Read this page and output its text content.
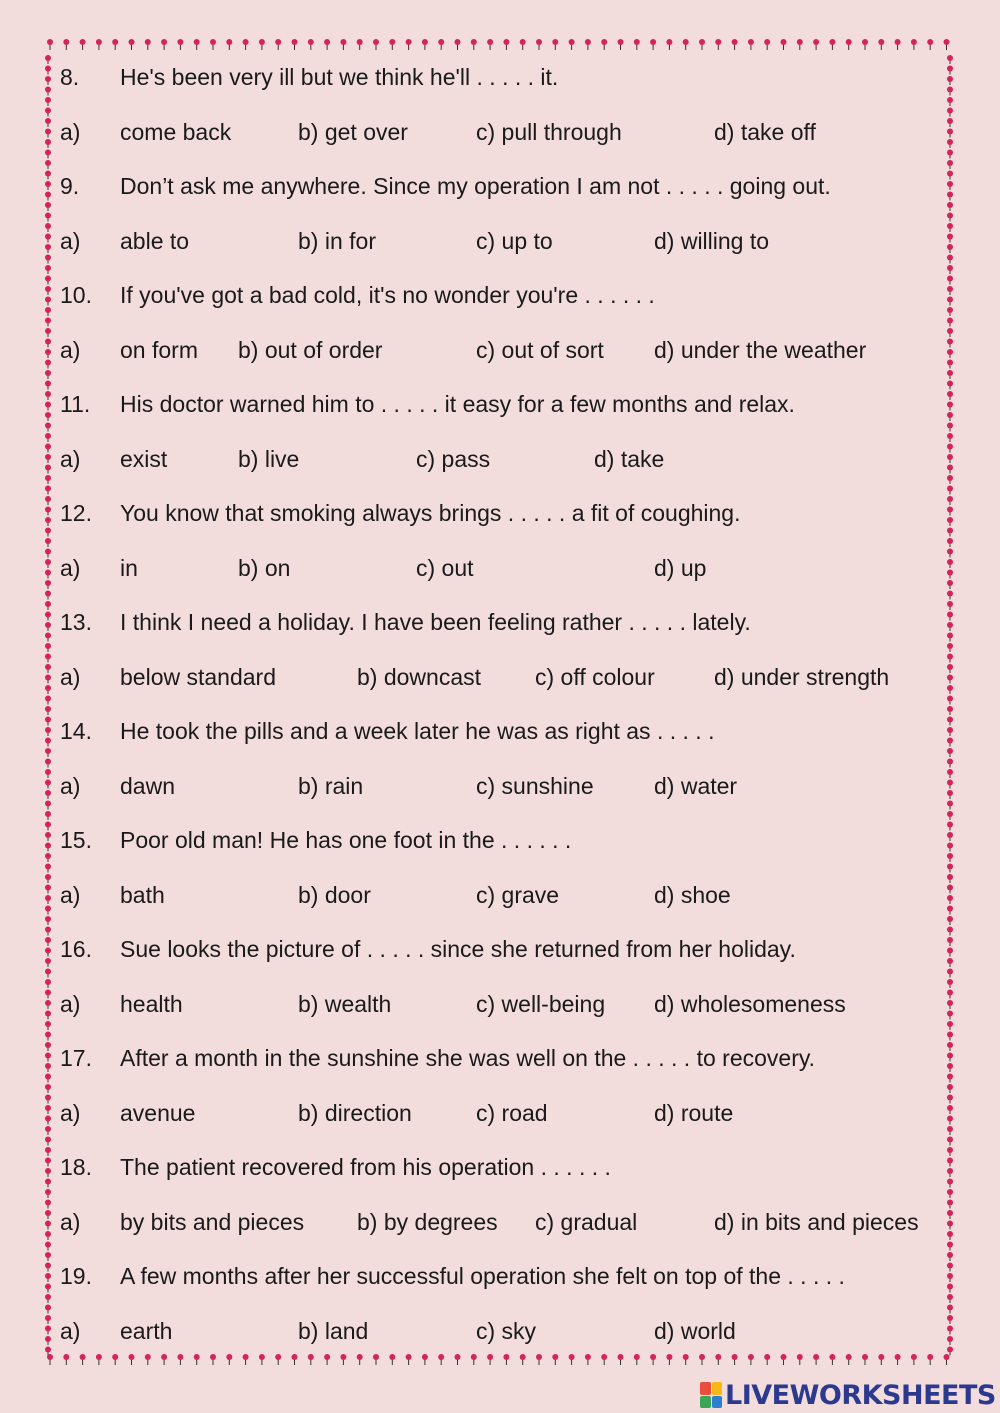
8. He's been very ill but we think he'll . . . . . it.
a) come back	b) get over	c) pull through	d) take off
9. Don’t ask me anywhere. Since my operation I am not . . . . . going out.
a) able to	b) in for	c) up to	d) willing to
10. If you've got a bad cold, it's no wonder you're . . . . . .
a) on form b) out of order	c) out of sort d) under the weather
11. His doctor warned him to . . . . . it easy for a few months and relax.
a) exist	b) live	c) pass	d) take
12. You know that smoking always brings . . . . . a fit of coughing.
a) in	b) on	c) out	d) up
13. I think I need a holiday. I have been feeling rather . . . . . lately.
a) below standard	b) downcast c) off colour	d) under strength
14. He took the pills and a week later he was as right as . . . . .
a) dawn	b) rain	c) sunshine	d) water
15. Poor old man! He has one foot in the . . . . . .
a) bath	b) door	c) grave	d) shoe
16. Sue looks the picture of . . . . . since she returned from her holiday.
a) health	b) wealth	c) well-being d) wholesomeness
17. After a month in the sunshine she was well on the . . . . . to recovery.
a) avenue	b) direction	c) road	d) route
18. The patient recovered from his operation . . . . . .
a) by bits and pieces b) by degrees c) gradual	d) in bits and pieces
19. A few months after her successful operation she felt on top of the . . . . .
a) earth	b) land	c) sky	d) world
LIVEWORKSHEETS
